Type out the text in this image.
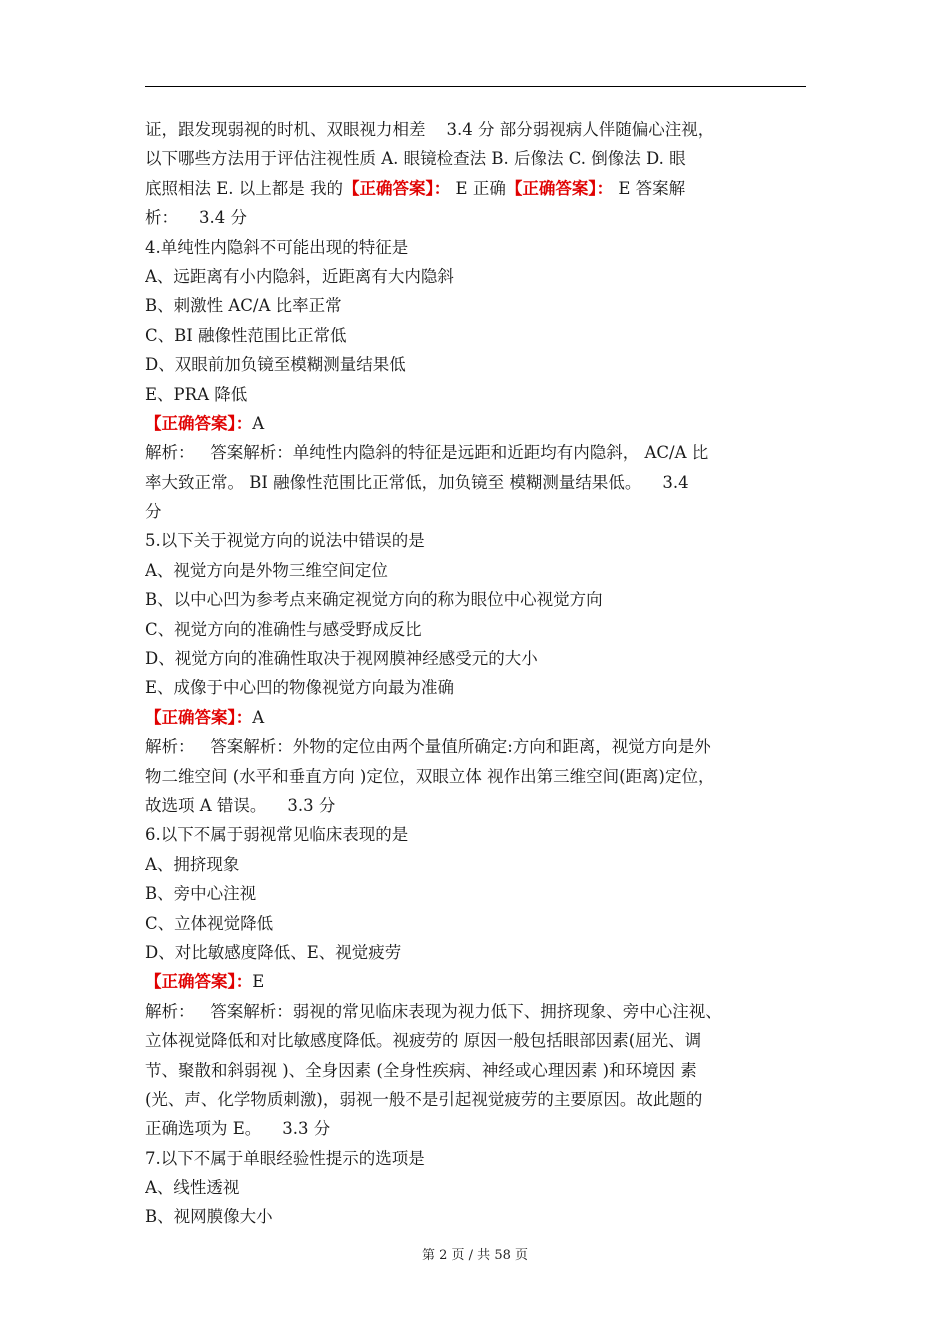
证，跟发现弱视的时机、双眼视力相差    3.4 分 部分弱视病人伴随偏心注视，
以下哪些方法用于评估注视性质 A. 眼镜检查法 B. 后像法 C. 倒像法 D. 眼
底照相法 E. 以上都是 我的【正确答案】： E 正确【正确答案】： E 答案解
析：    3.4 分
4.单纯性内隐斜不可能出现的特征是
A、远距离有小内隐斜，近距离有大内隐斜
B、刺激性 AC/A 比率正常
C、BI 融像性范围比正常低
D、双眼前加负镜至模糊测量结果低
E、PRA 降低
【正确答案】：A
解析：   答案解析：单纯性内隐斜的特征是远距和近距均有内隐斜， AC/A 比
率大致正常。 BI 融像性范围比正常低，加负镜至 模糊测量结果低。    3.4
分
5.以下关于视觉方向的说法中错误的是
A、视觉方向是外物三维空间定位
B、以中心凹为参考点来确定视觉方向的称为眼位中心视觉方向
C、视觉方向的准确性与感受野成反比
D、视觉方向的准确性取决于视网膜神经感受元的大小
E、成像于中心凹的物像视觉方向最为准确
【正确答案】：A
解析：   答案解析：外物的定位由两个量值所确定:方向和距离，视觉方向是外
物二维空间 (水平和垂直方向 )定位，双眼立体 视作出第三维空间(距离)定位，
故选项 A 错误。    3.3 分
6.以下不属于弱视常见临床表现的是
A、拥挤现象
B、旁中心注视
C、立体视觉降低
D、对比敏感度降低、E、视觉疲劳
【正确答案】：E
解析：   答案解析：弱视的常见临床表现为视力低下、拥挤现象、旁中心注视、
立体视觉降低和对比敏感度降低。视疲劳的 原因一般包括眼部因素(屈光、调
节、聚散和斜弱视 )、全身因素 (全身性疾病、神经或心理因素 )和环境因 素
(光、声、化学物质刺激)，弱视一般不是引起视觉疲劳的主要原因。故此题的
正确选项为 E。    3.3 分
7.以下不属于单眼经验性提示的选项是
A、线性透视
B、视网膜像大小
第 2 页 / 共 58 页
